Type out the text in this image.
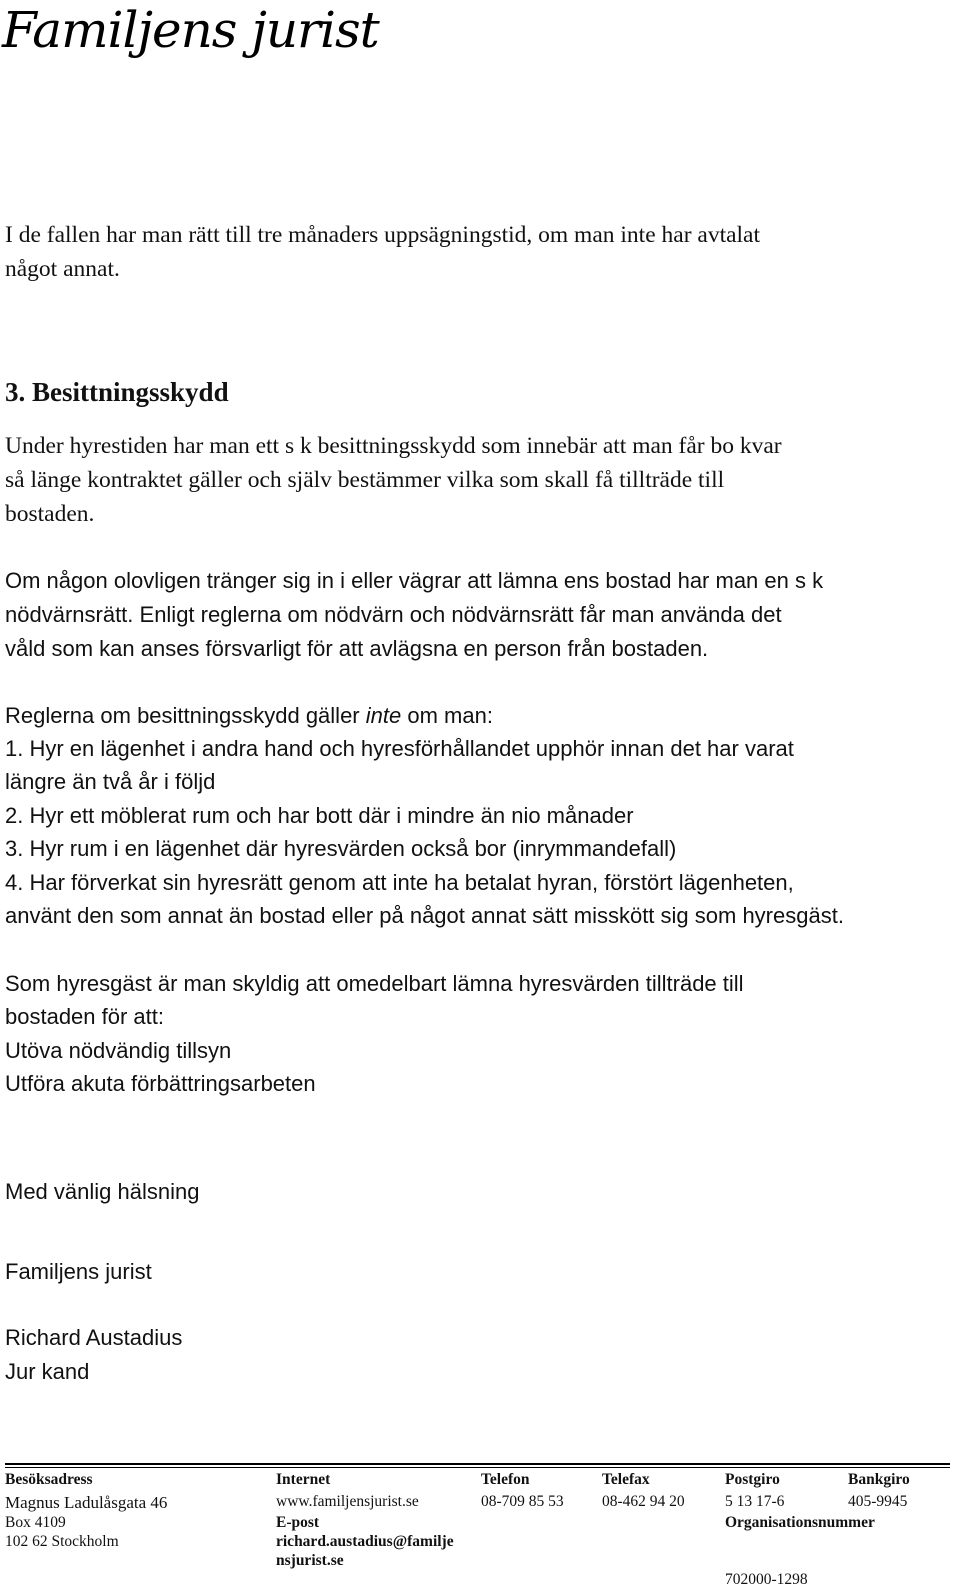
Familjens jurist
I de fallen har man rätt till tre månaders uppsägningstid, om man inte har avtalat
något annat.
3. Besittningsskydd
Under hyrestiden har man ett s k besittningsskydd som innebär att man får bo kvar
så länge kontraktet gäller och själv bestämmer vilka som skall få tillträde till
bostaden.
Om någon olovligen tränger sig in i eller vägrar att lämna ens bostad har man en s k
nödvärnsrätt. Enligt reglerna om nödvärn och nödvärnsrätt får man använda det
våld som kan anses försvarligt för att avlägsna en person från bostaden.
Reglerna om besittningsskydd gäller inte om man:
1. Hyr en lägenhet i andra hand och hyresförhållandet upphör innan det har varat
längre än två år i följd
2. Hyr ett möblerat rum och har bott där i mindre än nio månader
3. Hyr rum i en lägenhet där hyresvärden också bor (inrymmandefall)
4. Har förverkat sin hyresrätt genom att inte ha betalat hyran, förstört lägenheten,
använt den som annat än bostad eller på något annat sätt misskött sig som hyresgäst.
Som hyresgäst är man skyldig att omedelbart lämna hyresvärden tillträde till
bostaden för att:
Utöva nödvändig tillsyn
Utföra akuta förbättringsarbeten
Med vänlig hälsning
Familjens jurist
Richard Austadius
Jur kand
Besöksadress
Magnus Ladulåsgata 46
Box 4109
102 62 Stockholm
Internet
www.familjensjurist.se
E-post
richard.austadius@familje
nsjurist.se
Telefon
08-709 85 53
Telefax
08-462 94 20
Postgiro
5 13 17-6
Bankgiro
405-9945
Organisationsnummer
702000-1298
